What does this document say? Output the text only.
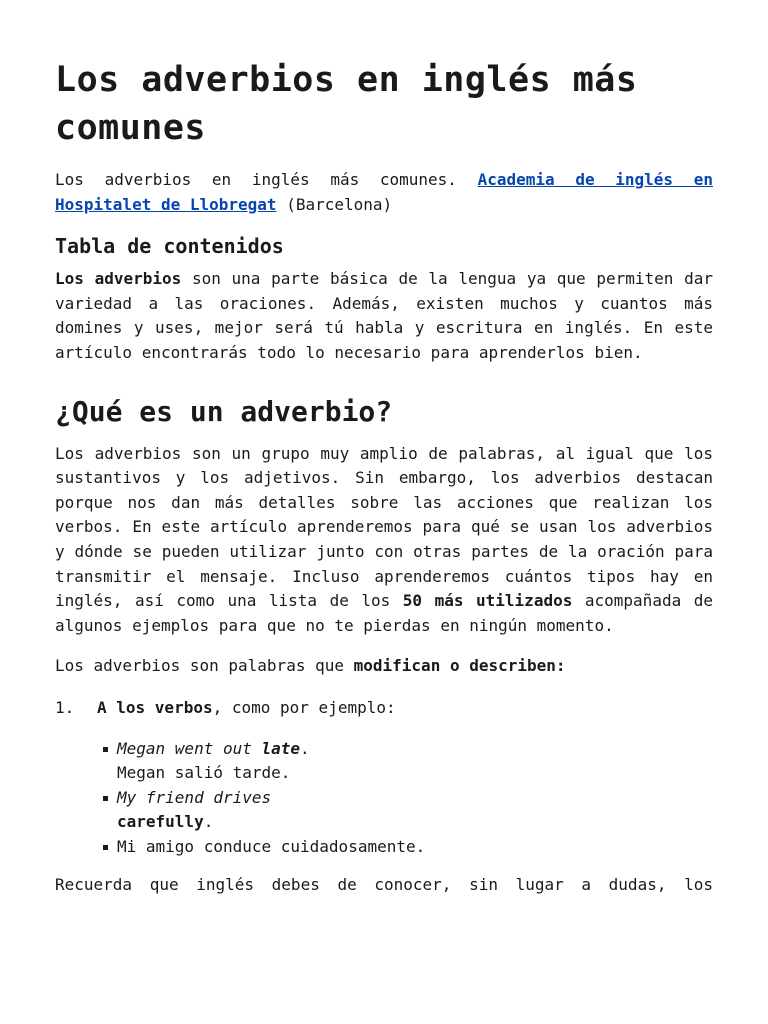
Los adverbios en inglés más comunes

Los adverbios en inglés más comunes. Academia de inglés en Hospitalet de Llobregat (Barcelona)

Tabla de contenidos

Los adverbios son una parte básica de la lengua ya que permiten dar variedad a las oraciones. Además, existen muchos y cuantos más domines y uses, mejor será tú habla y escritura en inglés. En este artículo encontrarás todo lo necesario para aprenderlos bien.

¿Qué es un adverbio?

Los adverbios son un grupo muy amplio de palabras, al igual que los sustantivos y los adjetivos. Sin embargo, los adverbios destacan porque nos dan más detalles sobre las acciones que realizan los verbos. En este artículo aprenderemos para qué se usan los adverbios y dónde se pueden utilizar junto con otras partes de la oración para transmitir el mensaje. Incluso aprenderemos cuántos tipos hay en inglés, así como una lista de los 50 más utilizados acompañada de algunos ejemplos para que no te pierdas en ningún momento.

Los adverbios son palabras que modifican o describen:

1.	A los verbos, como por ejemplo:

Megan went out late.
Megan salió tarde.
My friend drives
carefully.
Mi amigo conduce cuidadosamente.

Recuerda que inglés debes de conocer, sin lugar a dudas, los
